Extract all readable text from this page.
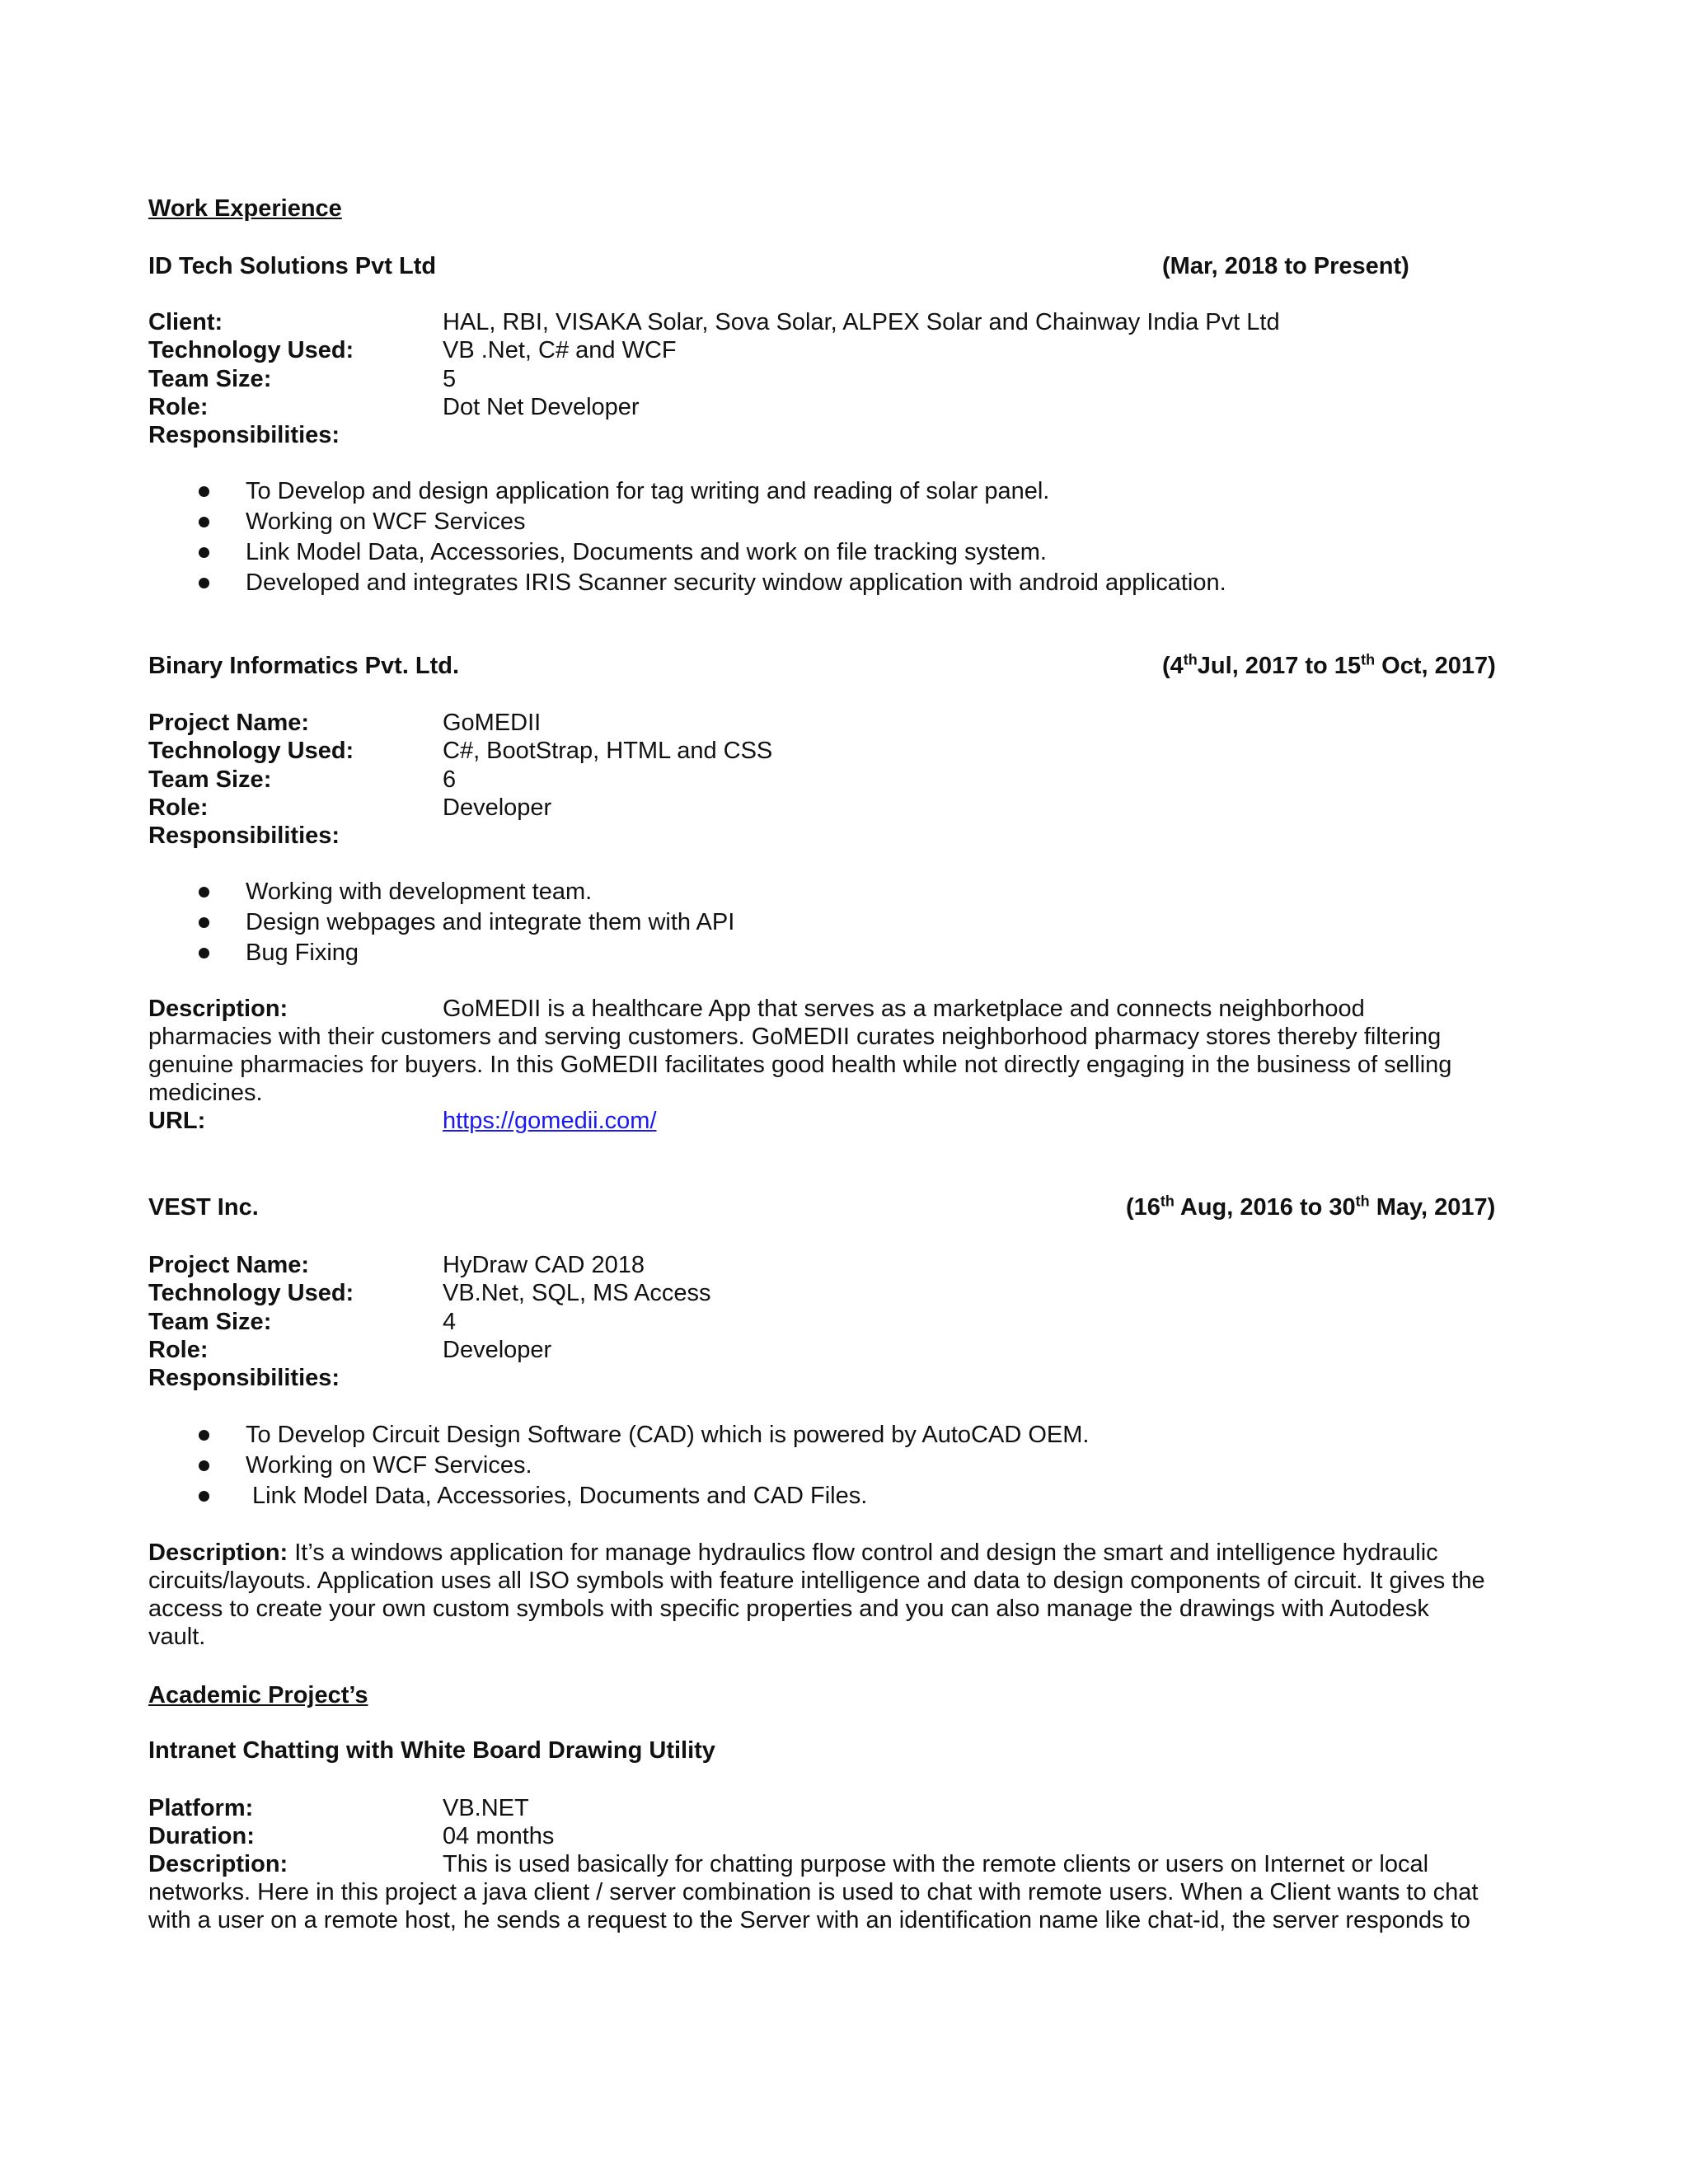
Work Experience
ID Tech Solutions Pvt Ltd	(Mar, 2018 to Present)
Client:	HAL, RBI, VISAKA Solar, Sova Solar, ALPEX Solar and Chainway India Pvt Ltd
Technology Used:	VB .Net, C# and WCF
Team Size:	5
Role:	Dot Net Developer
Responsibilities:
To Develop and design application for tag writing and reading of solar panel.
Working on WCF Services
Link Model Data, Accessories, Documents and work on file tracking system.
Developed and integrates IRIS Scanner security window application with android application.
Binary Informatics Pvt. Ltd.	(4thJul, 2017 to 15th Oct, 2017)
Project Name:	GoMEDII
Technology Used:	C#, BootStrap, HTML and CSS
Team Size:	6
Role:	Developer
Responsibilities:
Working with development team.
Design webpages and integrate them with API
Bug Fixing
Description:	GoMEDII is a healthcare App that serves as a marketplace and connects neighborhood
pharmacies with their customers and serving customers. GoMEDII curates neighborhood pharmacy stores thereby filtering
genuine pharmacies for buyers. In this GoMEDII facilitates good health while not directly engaging in the business of selling
medicines.
URL:	https://gomedii.com/
VEST Inc.	(16th Aug, 2016 to 30th May, 2017)
Project Name:	HyDraw CAD 2018
Technology Used:	VB.Net, SQL, MS Access
Team Size:	4
Role:	Developer
Responsibilities:
To Develop Circuit Design Software (CAD) which is powered by AutoCAD OEM.
Working on WCF Services.
Link Model Data, Accessories, Documents and CAD Files.
Description: It’s a windows application for manage hydraulics flow control and design the smart and intelligence hydraulic
circuits/layouts. Application uses all ISO symbols with feature intelligence and data to design components of circuit. It gives the
access to create your own custom symbols with specific properties and you can also manage the drawings with Autodesk
vault.
Academic Project’s
Intranet Chatting with White Board Drawing Utility
Platform:	VB.NET
Duration:	04 months
Description:	This is used basically for chatting purpose with the remote clients or users on Internet or local
networks. Here in this project a java client / server combination is used to chat with remote users. When a Client wants to chat
with a user on a remote host, he sends a request to the Server with an identification name like chat-id, the server responds to
